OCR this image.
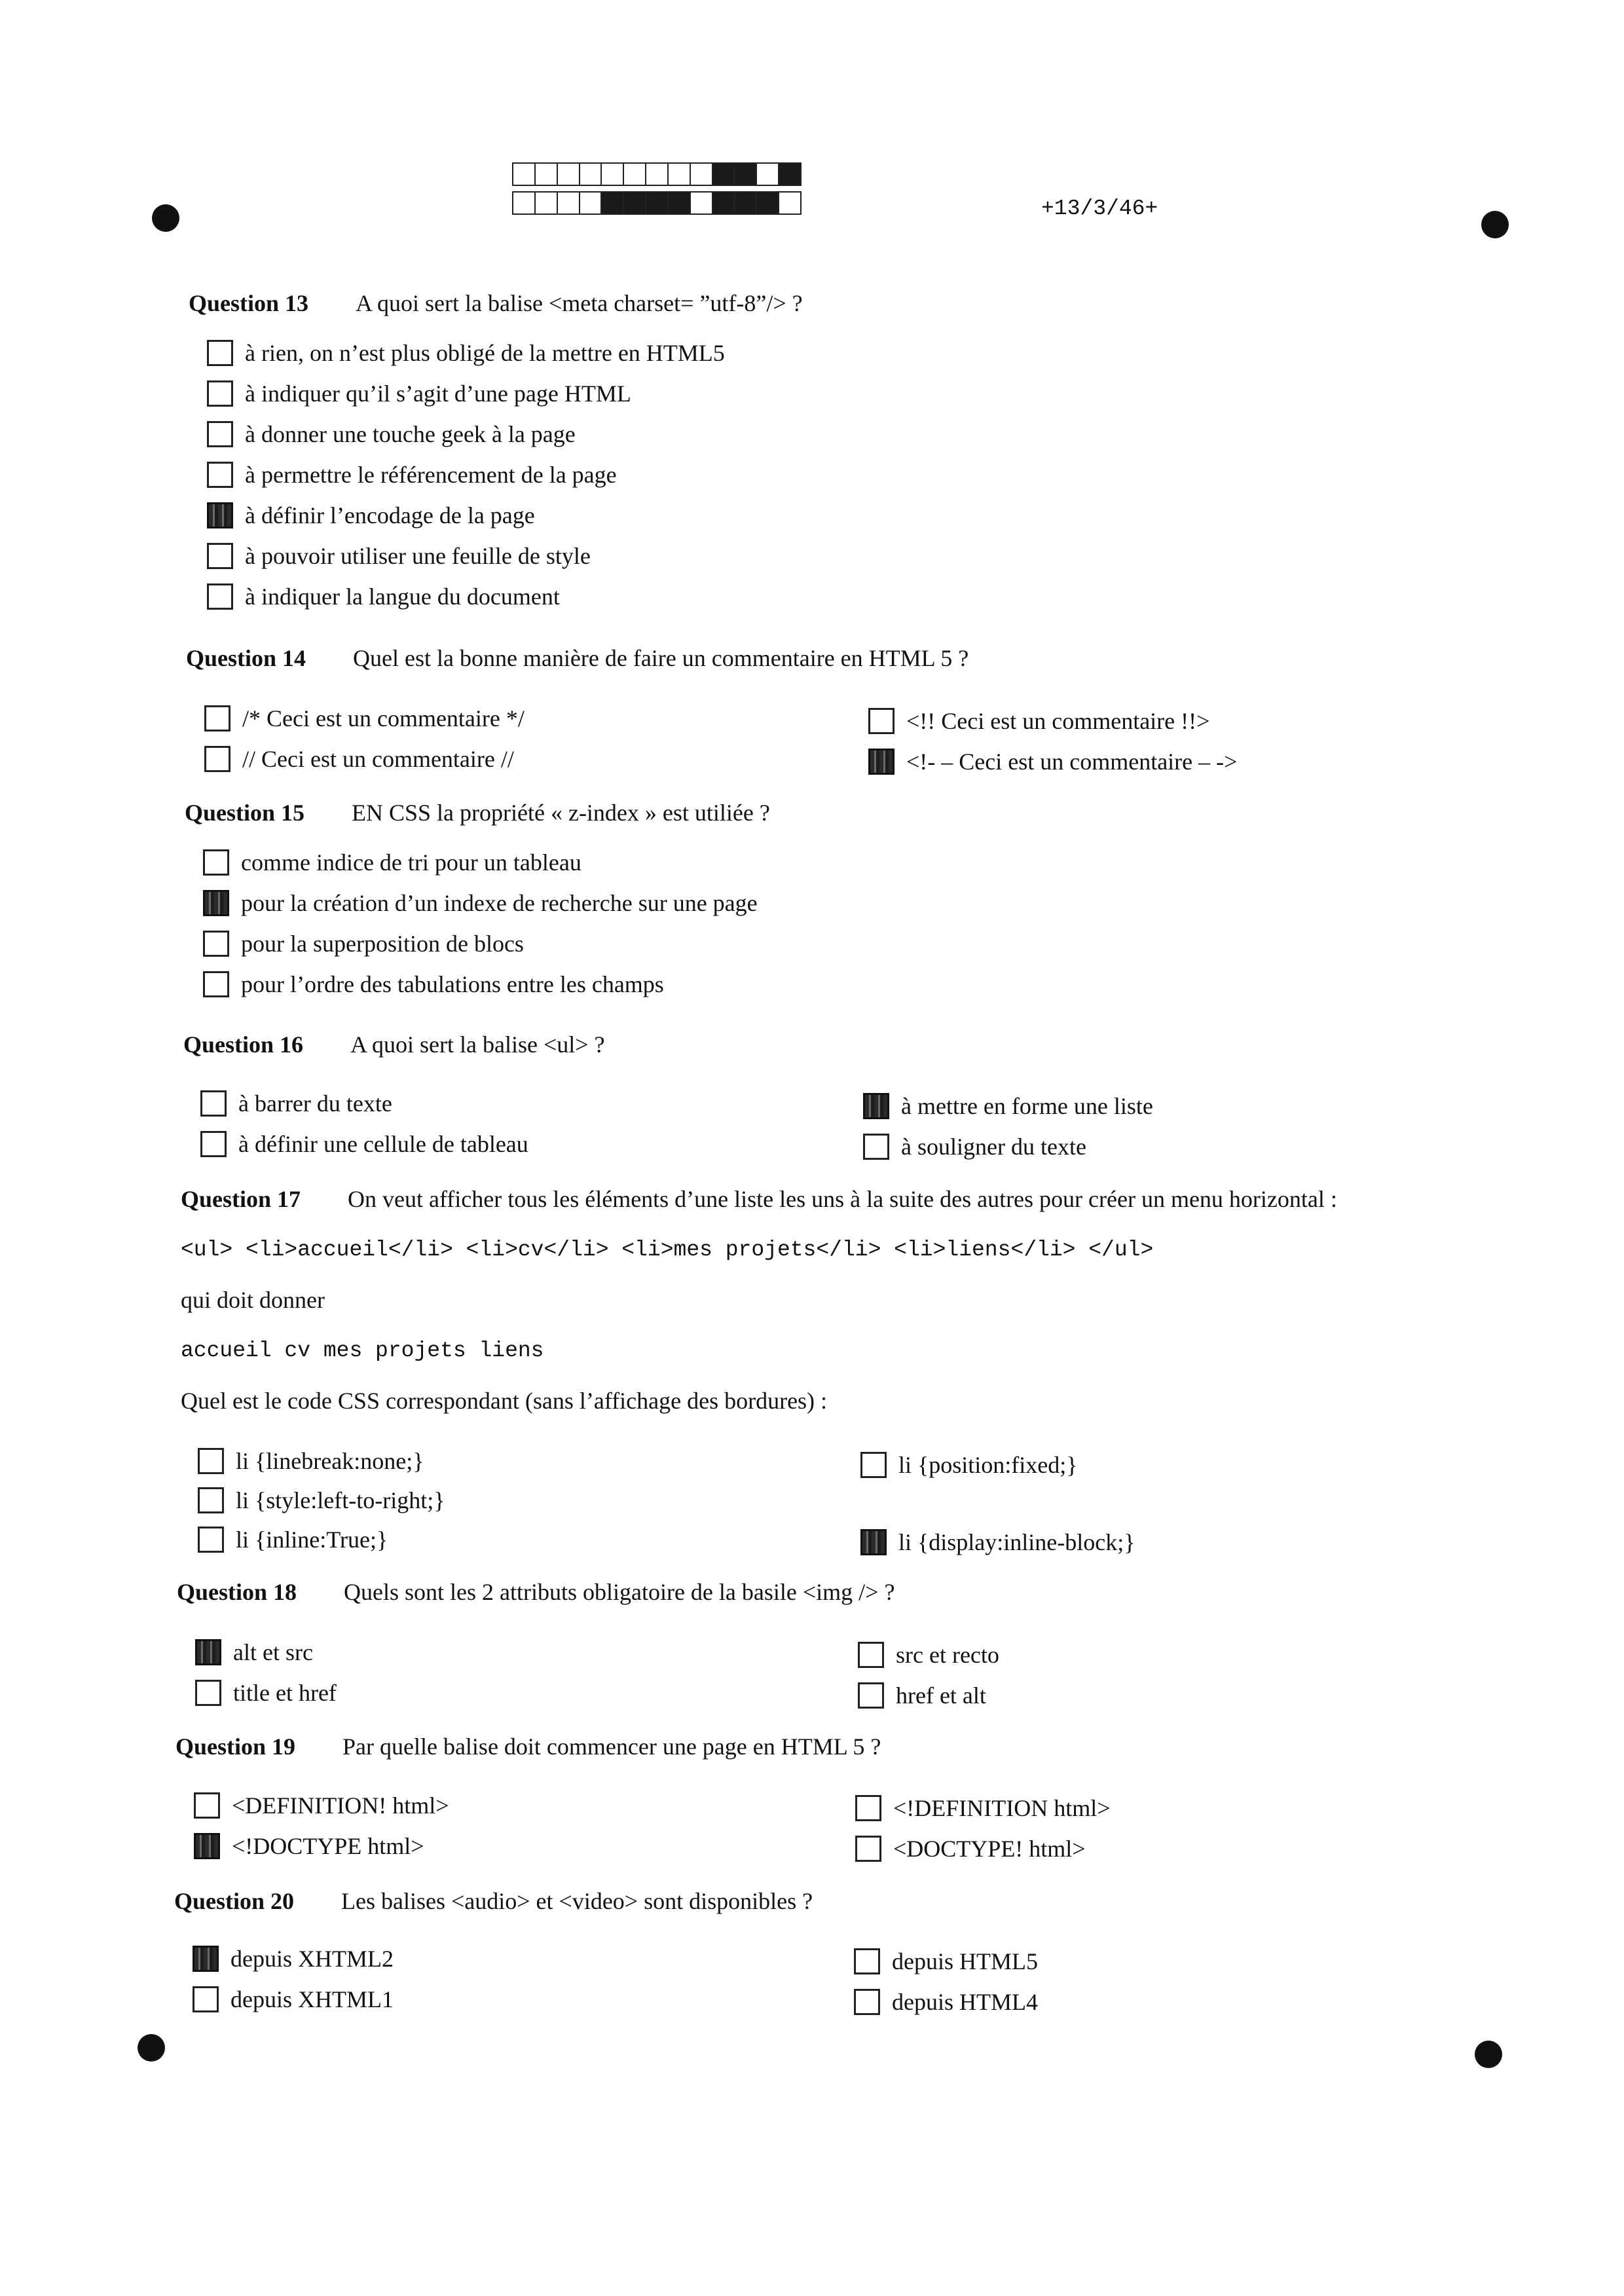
+13/3/46+
Question 13 A quoi sert la balise <meta charset= ”utf-8”/> ?
à rien, on n’est plus obligé de la mettre en HTML5
à indiquer qu’il s’agit d’une page HTML
à donner une touche geek à la page
à permettre le référencement de la page
à définir l’encodage de la page
à pouvoir utiliser une feuille de style
à indiquer la langue du document
Question 14 Quel est la bonne manière de faire un commentaire en HTML 5 ?
/* Ceci est un commentaire */
// Ceci est un commentaire //
<!! Ceci est un commentaire !!>
<!- – Ceci est un commentaire – ->
Question 15 EN CSS la propriété « z-index » est utiliée ?
comme indice de tri pour un tableau
pour la création d’un indexe de recherche sur une page
pour la superposition de blocs
pour l’ordre des tabulations entre les champs
Question 16 A quoi sert la balise <ul> ?
à barrer du texte
à définir une cellule de tableau
à mettre en forme une liste
à souligner du texte
Question 17 On veut afficher tous les éléments d’une liste les uns à la suite des autres pour créer un menu horizontal :
<ul> <li>accueil</li> <li>cv</li> <li>mes projets</li> <li>liens</li> </ul>
qui doit donner
accueil cv mes projets liens
Quel est le code CSS correspondant (sans l’affichage des bordures) :
li {linebreak:none;}
li {style:left-to-right;}
li {inline:True;}
li {position:fixed;}
li {display:inline-block;}
Question 18 Quels sont les 2 attributs obligatoire de la basile <img /> ?
alt et src
title et href
src et recto
href et alt
Question 19 Par quelle balise doit commencer une page en HTML 5 ?
<DEFINITION! html>
<!DOCTYPE html>
<!DEFINITION html>
<DOCTYPE! html>
Question 20 Les balises <audio> et <video> sont disponibles ?
depuis XHTML2
depuis XHTML1
depuis HTML5
depuis HTML4
